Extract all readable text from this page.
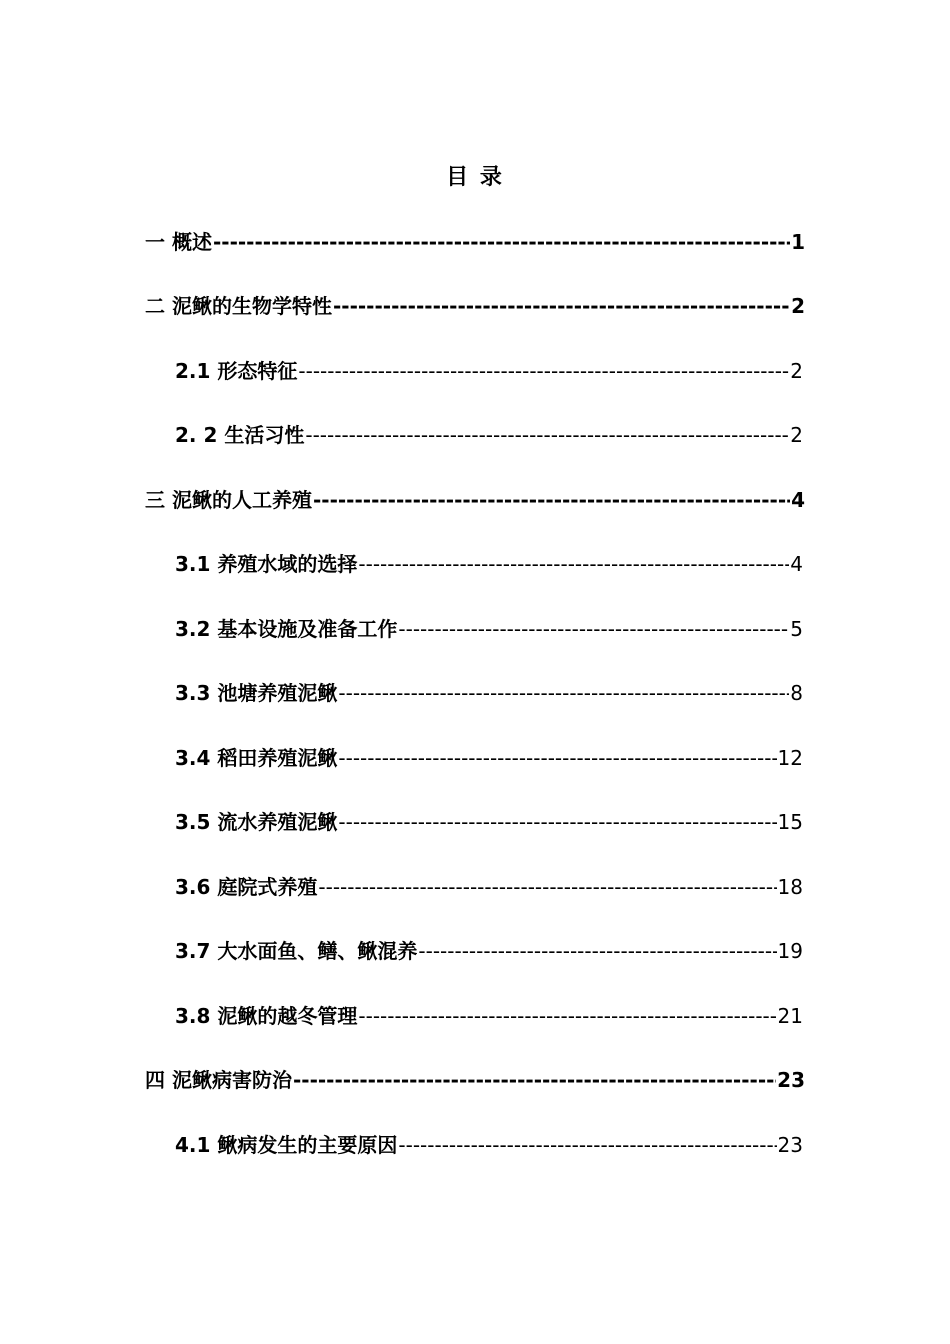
目 录
一 概述 -----	1
二 泥鳅的生物学特性 -----	2
2.1 形态特征 -----	2
2. 2 生活习性 -----	2
三 泥鳅的人工养殖 -----	4
3.1 养殖水域的选择 -----	4
3.2 基本设施及准备工作 -----	5
3.3 池塘养殖泥鳅 -----	8
3.4 稻田养殖泥鳅 -----	12
3.5 流水养殖泥鳅 -----	15
3.6 庭院式养殖 -----	18
3.7 大水面鱼、鳝、鳅混养 -----	19
3.8 泥鳅的越冬管理 -----	21
四 泥鳅病害防治 -----	23
4.1 鳅病发生的主要原因 -----	23
